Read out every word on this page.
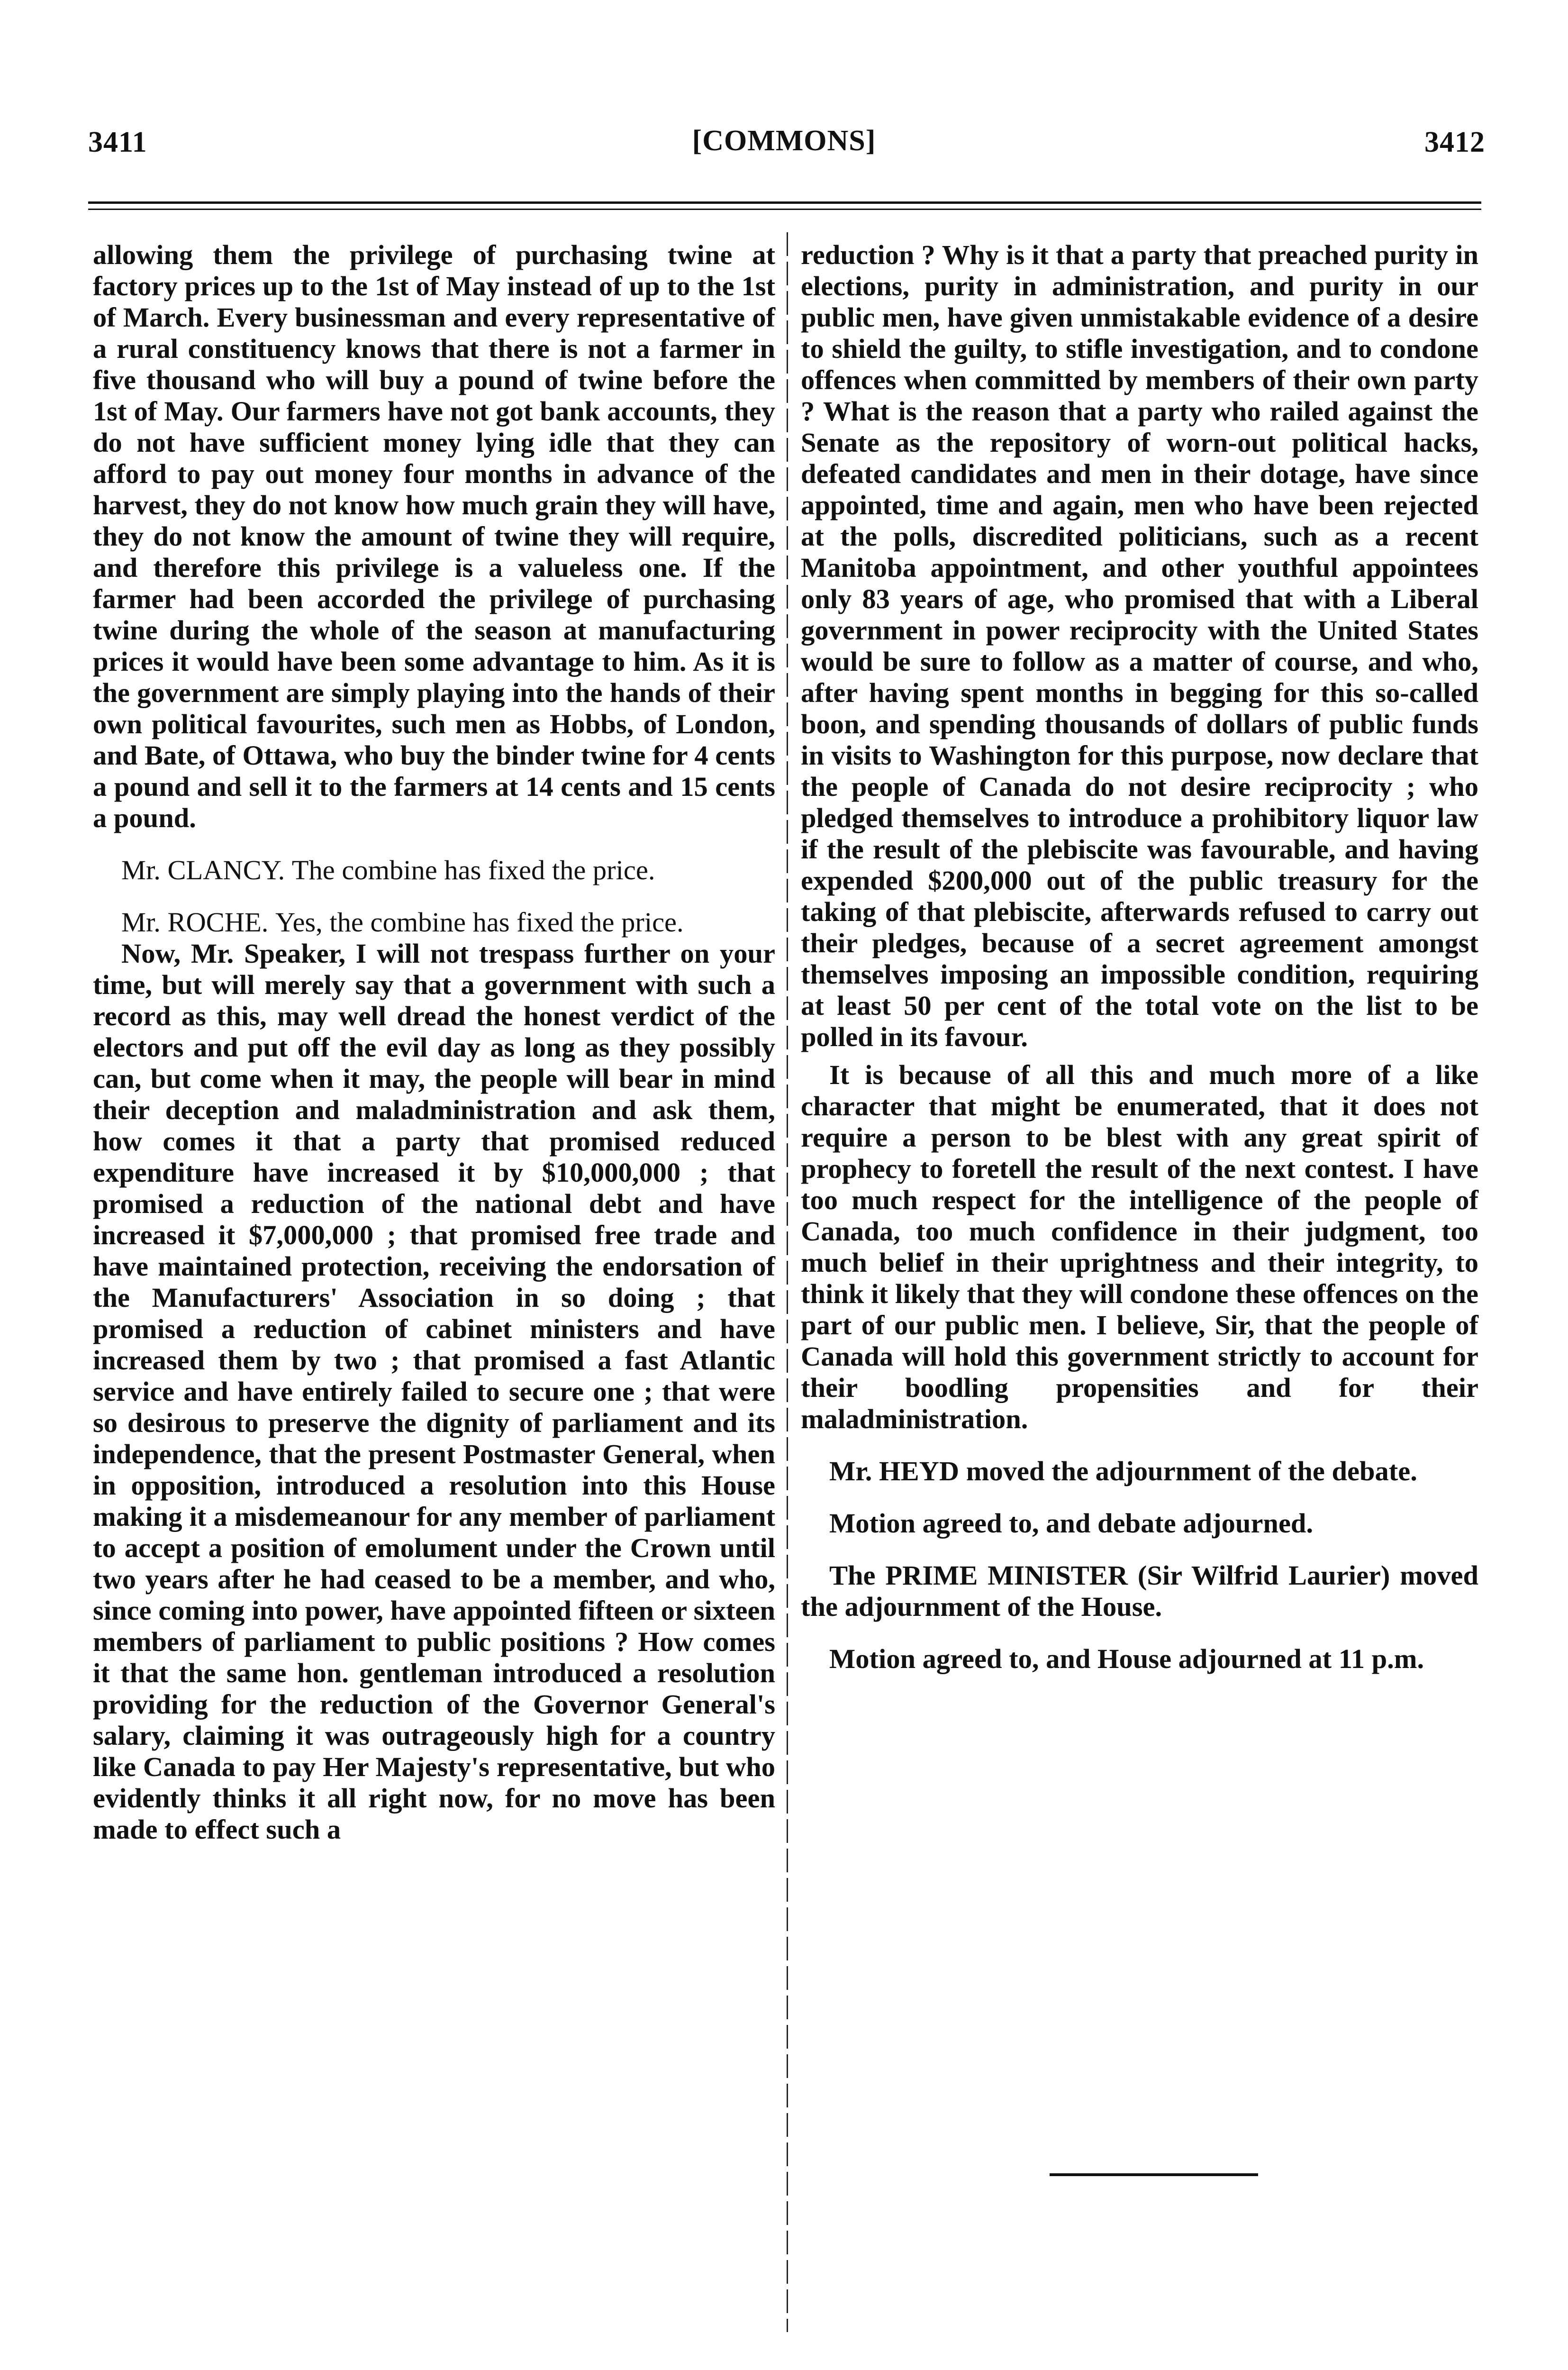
3411	[COMMONS]	3412

allowing them the privilege of purchasing twine at factory prices up to the 1st of May instead of up to the 1st of March. Every businessman and every representative of a rural constituency knows that there is not a farmer in five thousand who will buy a pound of twine before the 1st of May. Our farmers have not got bank accounts, they do not have sufficient money lying idle that they can afford to pay out money four months in advance of the harvest, they do not know how much grain they will have, they do not know the amount of twine they will require, and therefore this privilege is a valueless one. If the farmer had been accorded the privilege of purchasing twine during the whole of the season at manufacturing prices it would have been some advantage to him. As it is the government are simply playing into the hands of their own political favourites, such men as Hobbs, of London, and Bate, of Ottawa, who buy the binder twine for 4 cents a pound and sell it to the farmers at 14 cents and 15 cents a pound.

Mr. CLANCY. The combine has fixed the price.

Mr. ROCHE. Yes, the combine has fixed the price.

Now, Mr. Speaker, I will not trespass further on your time, but will merely say that a government with such a record as this, may well dread the honest verdict of the electors and put off the evil day as long as they possibly can, but come when it may, the people will bear in mind their deception and maladministration and ask them, how comes it that a party that promised reduced expenditure have increased it by $10,000,000 ; that promised a reduction of the national debt and have increased it $7,000,000 ; that promised free trade and have maintained protection, receiving the endorsation of the Manufacturers' Association in so doing ; that promised a reduction of cabinet ministers and have increased them by two ; that promised a fast Atlantic service and have entirely failed to secure one ; that were so desirous to preserve the dignity of parliament and its independence, that the present Postmaster General, when in opposition, introduced a resolution into this House making it a misdemeanour for any member of parliament to accept a position of emolument under the Crown until two years after he had ceased to be a member, and who, since coming into power, have appointed fifteen or sixteen members of parliament to public positions ? How comes it that the same hon. gentleman introduced a resolution providing for the reduction of the Governor General's salary, claiming it was outrageously high for a country like Canada to pay Her Majesty's representative, but who evidently thinks it all right now, for no move has been made to effect such a

reduction ? Why is it that a party that preached purity in elections, purity in administration, and purity in our public men, have given unmistakable evidence of a desire to shield the guilty, to stifle investigation, and to condone offences when committed by members of their own party ? What is the reason that a party who railed against the Senate as the repository of worn-out political hacks, defeated candidates and men in their dotage, have since appointed, time and again, men who have been rejected at the polls, discredited politicians, such as a recent Manitoba appointment, and other youthful appointees only 83 years of age, who promised that with a Liberal government in power reciprocity with the United States would be sure to follow as a matter of course, and who, after having spent months in begging for this so-called boon, and spending thousands of dollars of public funds in visits to Washington for this purpose, now declare that the people of Canada do not desire reciprocity ; who pledged themselves to introduce a prohibitory liquor law if the result of the plebiscite was favourable, and having expended $200,000 out of the public treasury for the taking of that plebiscite, afterwards refused to carry out their pledges, because of a secret agreement amongst themselves imposing an impossible condition, requiring at least 50 per cent of the total vote on the list to be polled in its favour.

It is because of all this and much more of a like character that might be enumerated, that it does not require a person to be blest with any great spirit of prophecy to foretell the result of the next contest. I have too much respect for the intelligence of the people of Canada, too much confidence in their judgment, too much belief in their uprightness and their integrity, to think it likely that they will condone these offences on the part of our public men. I believe, Sir, that the people of Canada will hold this government strictly to account for their boodling propensities and for their maladministration.

Mr. HEYD moved the adjournment of the debate.

Motion agreed to, and debate adjourned.

The PRIME MINISTER (Sir Wilfrid Laurier) moved the adjournment of the House.

Motion agreed to, and House adjourned at 11 p.m.
